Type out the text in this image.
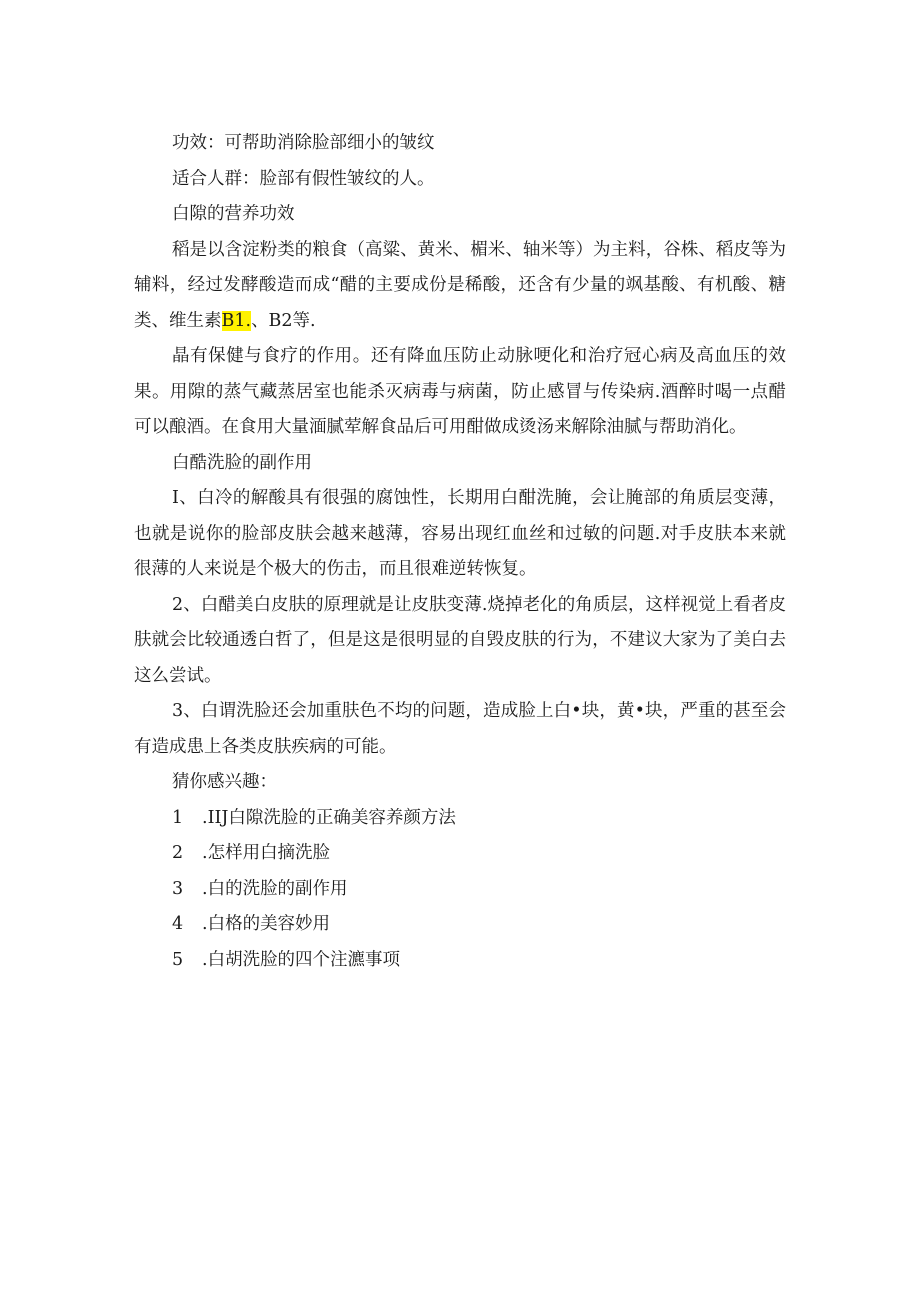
功效：可帮助消除脸部细小的皱纹

适合人群：脸部有假性皱纹的人。

白隙的营养功效

稻是以含淀粉类的粮食（高粱、黄米、楣米、轴米等）为主料，谷株、稻皮等为辅料，经过发酵酸造而成“醋的主要成份是稀酸，还含有少量的飒基酸、有机酸、糖类、维生素B1.、B2等.

晶有保健与食疗的作用。还有降血压防止动脉哽化和治疗冠心病及高血压的效果。用隙的蒸气藏蒸居室也能杀灭病毒与病菌，防止感冒与传染病.酒醉时喝一点醋可以酿酒。在食用大量湎腻荤解食品后可用酣做成烫汤来解除油腻与帮助消化。

白酷洗脸的副作用

I、白冷的解酸具有很强的腐蚀性，长期用白酣洗腌，会让腌部的角质层变薄，也就是说你的脸部皮肤会越来越薄，容易出现红血丝和过敏的问题.对手皮肤本来就很薄的人来说是个极大的伤击，而且很难逆转恢复。

2、白醋美白皮肤的原理就是让皮肤变薄.烧掉老化的角质层，这样视觉上看者皮肤就会比较通透白哲了，但是这是很明显的自毁皮肤的行为，不建议大家为了美白去这么尝试。

3、白谓洗脸还会加重肤色不均的问题，造成脸上白•块，黄•块，严重的甚至会有造成患上各类皮肤疾病的可能。

猜你感兴趣：

1 .IIJ白隙洗脸的正确美容养颜方法

2 .怎样用白摘洗脸

3 .白的洗脸的副作用

4 .白格的美容妙用

5 .白胡洗脸的四个注瀌事项
